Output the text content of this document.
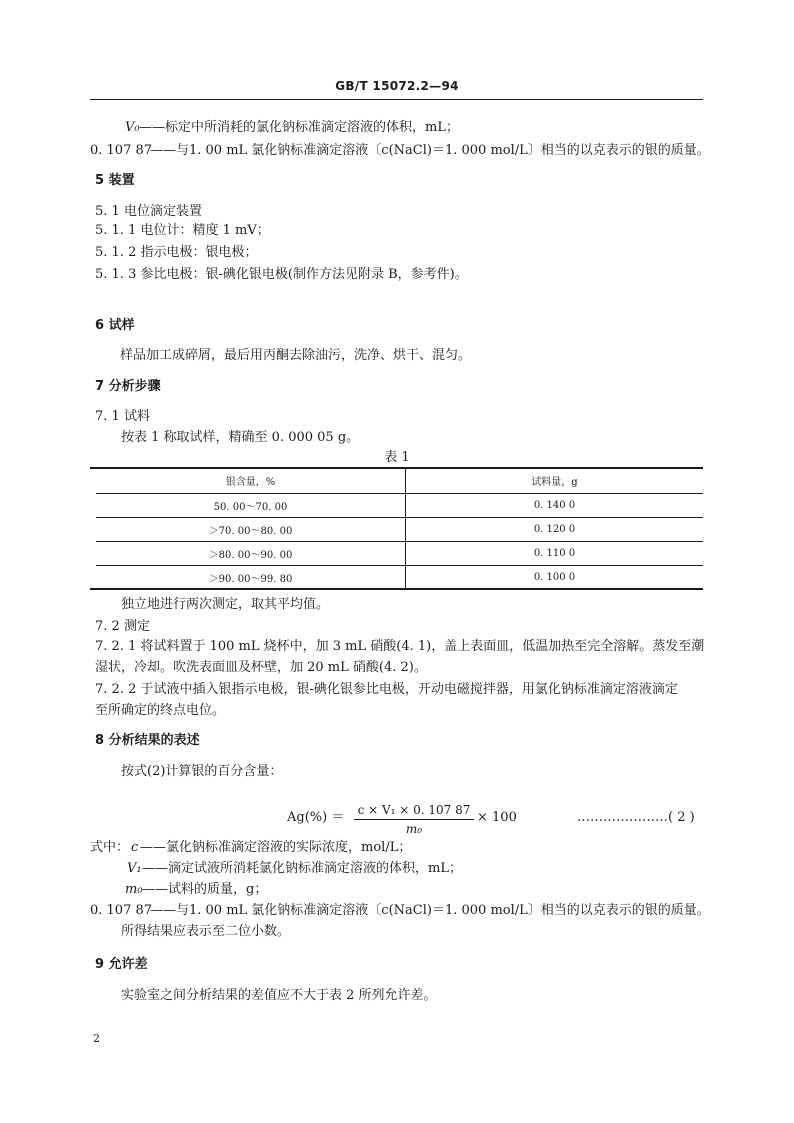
GB/T 15072.2—94
V₀ ——标定中所消耗的氯化钠标准滴定溶液的体积，mL；
0. 107 87
——与1. 00 mL 氯化钠标准滴定溶液〔c(NaCl)＝1. 000 mol/L〕相当的以克表示的银的质量。
5 装置
5. 1 电位滴定装置
5. 1. 1 电位计：精度 1 mV；
5. 1. 2 指示电极：银电极；
5. 1. 3 参比电极：银-碘化银电极(制作方法见附录 B，参考件)。
6 试样
样品加工成碎屑，最后用丙酮去除油污，洗净、烘干、混匀。
7 分析步骤
7. 1 试料
按表 1 称取试样，精确至 0. 000 05 g。
表 1
银含量，%	试料量，g
50. 00～70. 00	0. 140 0
＞70. 00～80. 00	0. 120 0
＞80. 00～90. 00	0. 110 0
＞90. 00～99. 80	0. 100 0
独立地进行两次测定，取其平均值。
7. 2 测定
7. 2. 1 将试料置于 100 mL 烧杯中，加 3 mL 硝酸(4. 1)，盖上表面皿，低温加热至完全溶解。蒸发至潮
湿状，冷却。吹洗表面皿及杯壁，加 20 mL 硝酸(4. 2)。
7. 2. 2 于试液中插入银指示电极，银-碘化银参比电极，开动电磁搅拌器，用氯化钠标准滴定溶液滴定
至所确定的终点电位。
8 分析结果的表述
按式(2)计算银的百分含量：
Ag(%) ＝ c × V₁ × 0. 107 87
m₀
× 100	…………………( 2 )
式中： c ——氯化钠标准滴定溶液的实际浓度，mol/L；
V₁ ——滴定试液所消耗氯化钠标准滴定溶液的体积，mL；
m₀ ——试料的质量，g；
0. 107 87
——与1. 00 mL 氯化钠标准滴定溶液〔c(NaCl)＝1. 000 mol/L〕相当的以克表示的银的质量。
所得结果应表示至二位小数。
9 允许差
实验室之间分析结果的差值应不大于表 2 所列允许差。
2
